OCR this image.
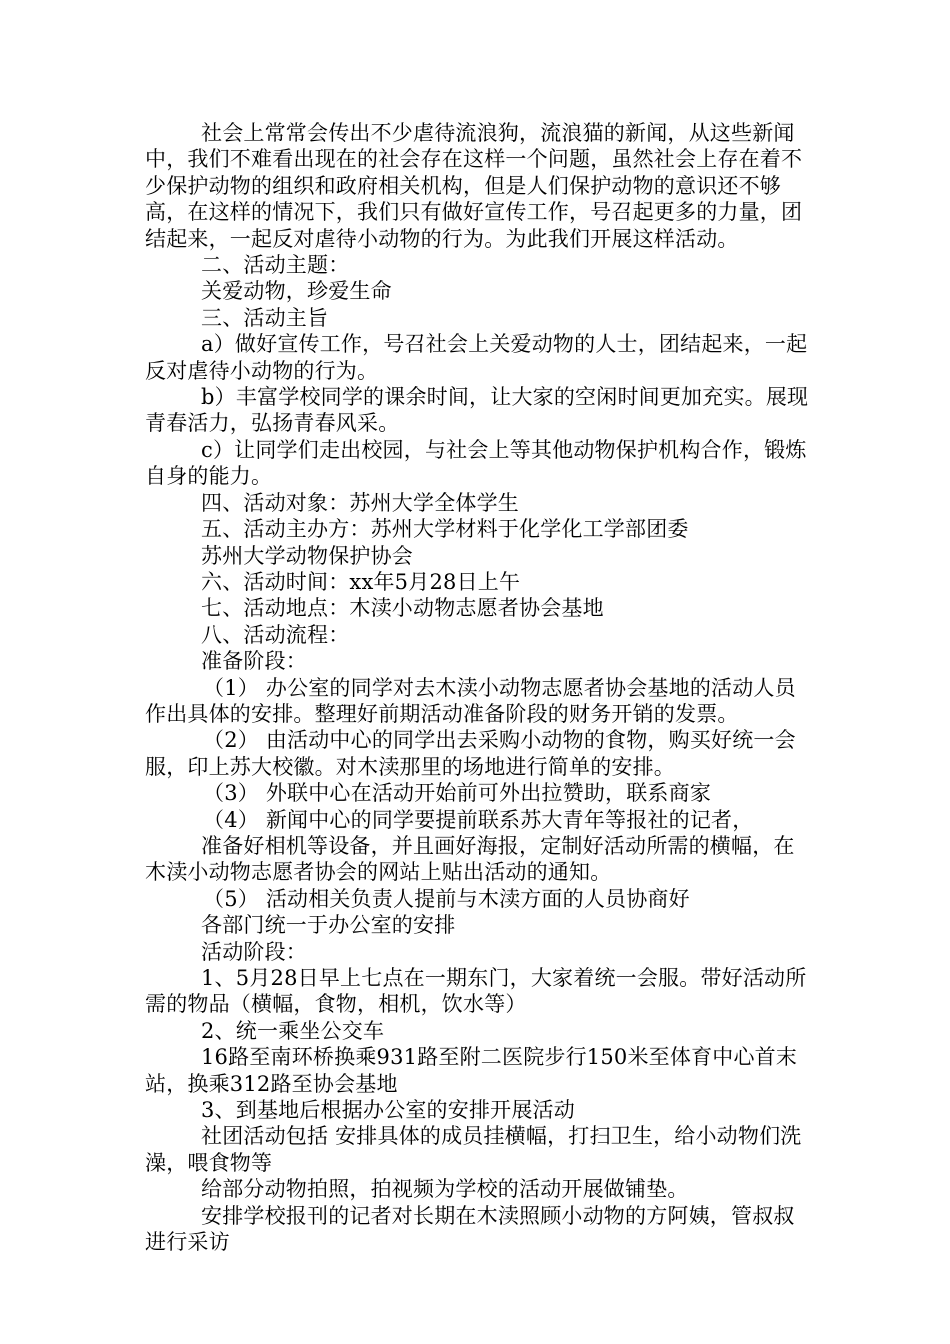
社会上常常会传出不少虐待流浪狗，流浪猫的新闻，从这些新闻中，我们不难看出现在的社会存在这样一个问题，虽然社会上存在着不少保护动物的组织和政府相关机构，但是人们保护动物的意识还不够高，在这样的情况下，我们只有做好宣传工作，号召起更多的力量，团结起来，一起反对虐待小动物的行为。为此我们开展这样活动。

二、活动主题：

关爱动物，珍爱生命

三、活动主旨

a）做好宣传工作，号召社会上关爱动物的人士，团结起来，一起反对虐待小动物的行为。

b）丰富学校同学的课余时间，让大家的空闲时间更加充实。展现青春活力，弘扬青春风采。

c）让同学们走出校园，与社会上等其他动物保护机构合作，锻炼自身的能力。

四、活动对象：苏州大学全体学生

五、活动主办方：苏州大学材料于化学化工学部团委

苏州大学动物保护协会

六、活动时间：xx年5月28日上午

七、活动地点：木渎小动物志愿者协会基地

八、活动流程：

准备阶段：

（1） 办公室的同学对去木渎小动物志愿者协会基地的活动人员作出具体的安排。整理好前期活动准备阶段的财务开销的发票。

（2） 由活动中心的同学出去采购小动物的食物，购买好统一会服，印上苏大校徽。对木渎那里的场地进行简单的安排。

（3） 外联中心在活动开始前可外出拉赞助，联系商家

（4） 新闻中心的同学要提前联系苏大青年等报社的记者，

准备好相机等设备，并且画好海报，定制好活动所需的横幅，在木渎小动物志愿者协会的网站上贴出活动的通知。

（5） 活动相关负责人提前与木渎方面的人员协商好

各部门统一于办公室的安排

活动阶段：

1、5月28日早上七点在一期东门，大家着统一会服。带好活动所需的物品（横幅，食物，相机，饮水等）

2、统一乘坐公交车

16路至南环桥换乘931路至附二医院步行150米至体育中心首末站，换乘312路至协会基地

3、到基地后根据办公室的安排开展活动

社团活动包括 安排具体的成员挂横幅，打扫卫生，给小动物们洗澡，喂食物等

给部分动物拍照，拍视频为学校的活动开展做铺垫。

安排学校报刊的记者对长期在木渎照顾小动物的方阿姨，管叔叔进行采访
